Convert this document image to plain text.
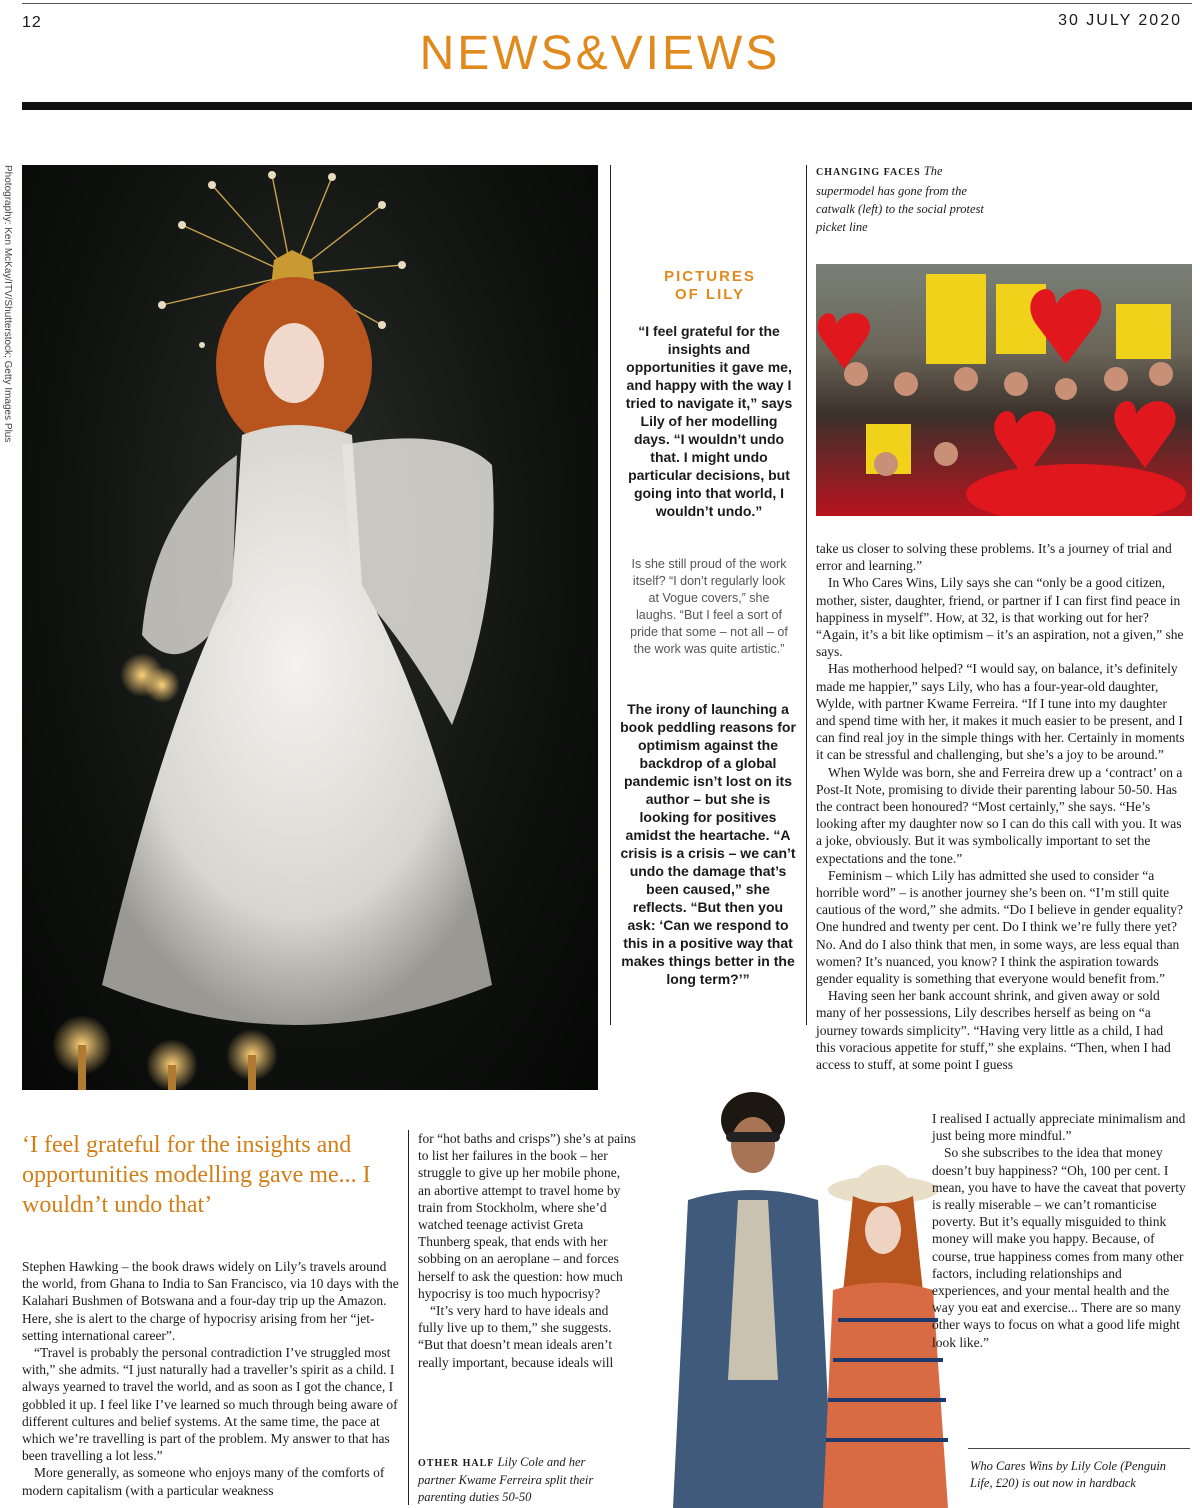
12	30 JULY 2020
NEWS&VIEWS
Photography: Ken McKay/ITV/Shutterstock; Getty Images Plus	PICTURES
OF LILY
“I feel grateful for the insights and opportunities it gave me, and happy with the way I tried to navigate it,” says Lily of her modelling days. “I wouldn’t undo that. I might undo particular decisions, but going into that world, I wouldn’t undo.”
Is she still proud of the work itself? “I don’t regularly look at Vogue covers,” she laughs. “But I feel a sort of pride that some – not all – of the work was quite artistic.”
The irony of launching a book peddling reasons for optimism against the backdrop of a global pandemic isn’t lost on its author – but she is looking for positives amidst the heartache. “A crisis is a crisis – we can’t undo the damage that’s been caused,” she reflects. “But then you ask: ‘Can we respond to this in a positive way that makes things better in the long term?’”
CHANGING FACES The supermodel has gone from the catwalk (left) to the social protest picket line

take us closer to solving these problems. It’s a journey of trial and error and learning.”

In Who Cares Wins, Lily says she can “only be a good citizen, mother, sister, daughter, friend, or partner if I can first find peace in happiness in myself”. How, at 32, is that working out for her? “Again, it’s a bit like optimism – it’s an aspiration, not a given,” she says.

Has motherhood helped? “I would say, on balance, it’s definitely made me happier,” says Lily, who has a four-year-old daughter, Wylde, with partner Kwame Ferreira. “If I tune into my daughter and spend time with her, it makes it much easier to be present, and I can find real joy in the simple things with her. Certainly in moments it can be stressful and challenging, but she’s a joy to be around.”

When Wylde was born, she and Ferreira drew up a ‘contract’ on a Post-It Note, promising to divide their parenting labour 50-50. Has the contract been honoured? “Most certainly,” she says. “He’s looking after my daughter now so I can do this call with you. It was a joke, obviously. But it was symbolically important to set the expectations and the tone.”

Feminism – which Lily has admitted she used to consider “a horrible word” – is another journey she’s been on. “I’m still quite cautious of the word,” she admits. “Do I believe in gender equality? One hundred and twenty per cent. Do I think we’re fully there yet? No. And do I also think that men, in some ways, are less equal than women? It’s nuanced, you know? I think the aspiration towards gender equality is something that everyone would benefit from.”

Having seen her bank account shrink, and given away or sold many of her possessions, Lily describes herself as being on “a journey towards simplicity”. “Having very little as a child, I had this voracious appetite for stuff,” she explains. “Then, when I had access to stuff, at some point I guess

‘I feel grateful for the insights and opportunities modelling gave me... I wouldn’t undo that’

Stephen Hawking – the book draws widely on Lily’s travels around the world, from Ghana to India to San Francisco, via 10 days with the Kalahari Bushmen of Botswana and a four-day trip up the Amazon. Here, she is alert to the charge of hypocrisy arising from her “jet-setting international career”.

“Travel is probably the personal contradiction I’ve struggled most with,” she admits. “I just naturally had a traveller’s spirit as a child. I always yearned to travel the world, and as soon as I got the chance, I gobbled it up. I feel like I’ve learned so much through being aware of different cultures and belief systems. At the same time, the pace at which we’re travelling is part of the problem. My answer to that has been travelling a lot less.”

More generally, as someone who enjoys many of the comforts of modern capitalism (with a particular weakness

for “hot baths and crisps”) she’s at pains to list her failures in the book – her struggle to give up her mobile phone, an abortive attempt to travel home by train from Stockholm, where she’d watched teenage activist Greta Thunberg speak, that ends with her sobbing on an aeroplane – and forces herself to ask the question: how much hypocrisy is too much hypocrisy?

“It’s very hard to have ideals and fully live up to them,” she suggests. “But that doesn’t mean ideals aren’t really important, because ideals will

OTHER HALF Lily Cole and her partner Kwame Ferreira split their parenting duties 50-50

I realised I actually appreciate minimalism and just being more mindful.”

So she subscribes to the idea that money doesn’t buy happiness? “Oh, 100 per cent. I mean, you have to have the caveat that poverty is really miserable – we can’t romanticise poverty. But it’s equally misguided to think money will make you happy. Because, of course, true happiness comes from many other factors, including relationships and experiences, and your mental health and the way you eat and exercise... There are so many other ways to focus on what a good life might look like.”

Who Cares Wins by Lily Cole (Penguin Life, £20) is out now in hardback
